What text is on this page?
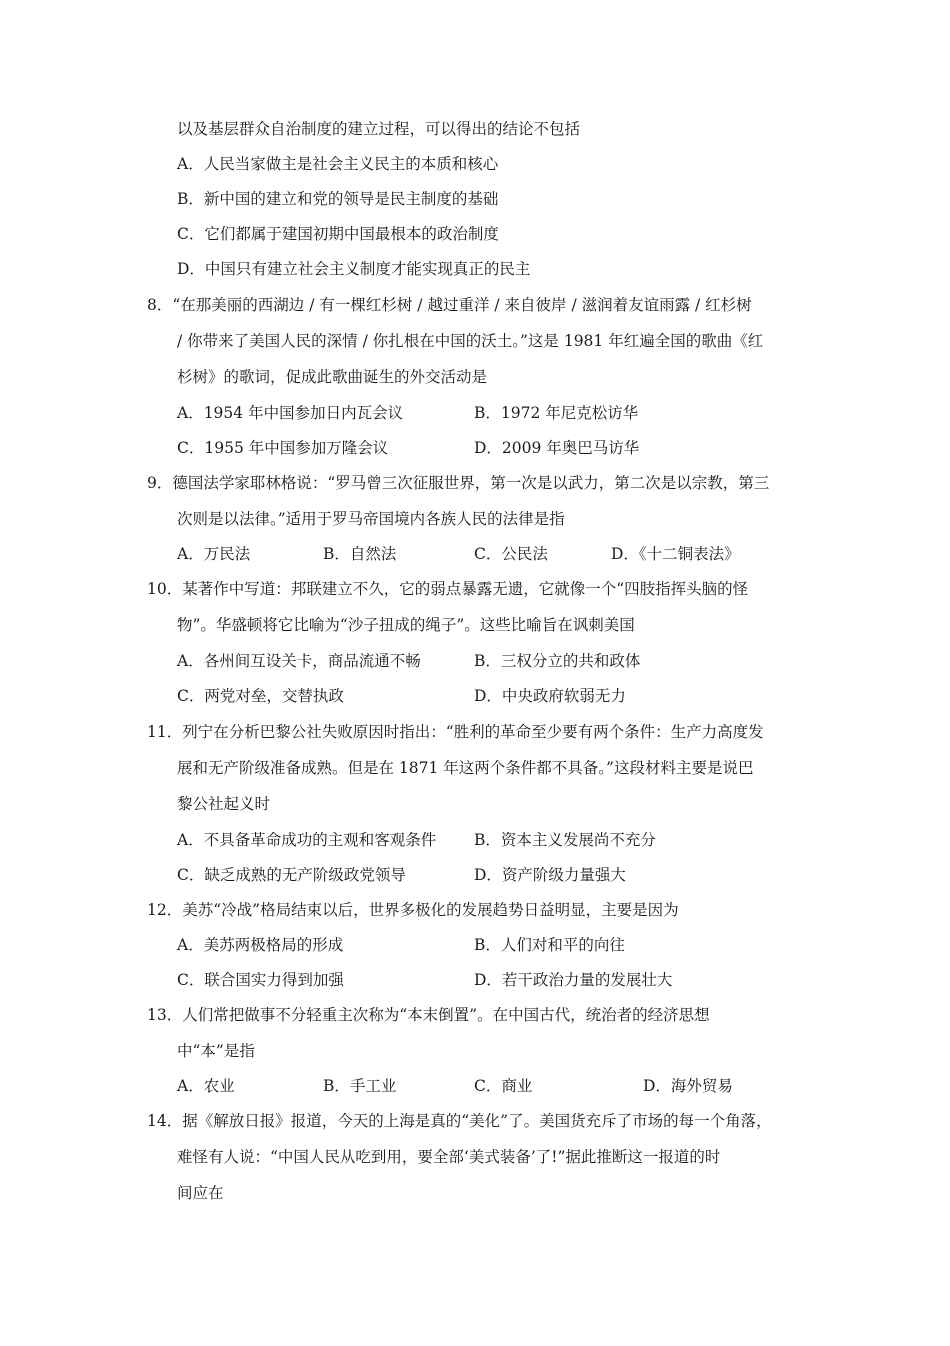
以及基层群众自治制度的建立过程，可以得出的结论不包括
A．人民当家做主是社会主义民主的本质和核心
B．新中国的建立和党的领导是民主制度的基础
C．它们都属于建国初期中国最根本的政治制度
D．中国只有建立社会主义制度才能实现真正的民主
8．“在那美丽的西湖边 / 有一棵红杉树 / 越过重洋 / 来自彼岸 / 滋润着友谊雨露 / 红杉树
/ 你带来了美国人民的深情 / 你扎根在中国的沃土。”这是 1981 年红遍全国的歌曲《红
杉树》的歌词，促成此歌曲诞生的外交活动是
A．1954 年中国参加日内瓦会议	B．1972 年尼克松访华
C．1955 年中国参加万隆会议	D．2009 年奥巴马访华
9．德国法学家耶林格说：“罗马曾三次征服世界，第一次是以武力，第二次是以宗教，第三
次则是以法律。”适用于罗马帝国境内各族人民的法律是指
A．万民法	B．自然法	C．公民法	D．《十二铜表法》
10．某著作中写道：邦联建立不久，它的弱点暴露无遗，它就像一个“四肢指挥头脑的怪
物”。华盛顿将它比喻为“沙子扭成的绳子”。这些比喻旨在讽刺美国
A．各州间互设关卡，商品流通不畅	B．三权分立的共和政体
C．两党对垒，交替执政	D．中央政府软弱无力
11．列宁在分析巴黎公社失败原因时指出：“胜利的革命至少要有两个条件：生产力高度发
展和无产阶级准备成熟。但是在 1871 年这两个条件都不具备。”这段材料主要是说巴
黎公社起义时
A．不具备革命成功的主观和客观条件 B．资本主义发展尚不充分
C．缺乏成熟的无产阶级政党领导	D．资产阶级力量强大
12．美苏“冷战”格局结束以后，世界多极化的发展趋势日益明显，主要是因为
A．美苏两极格局的形成	B．人们对和平的向往
C．联合国实力得到加强	D．若干政治力量的发展壮大
13．人们常把做事不分轻重主次称为“本末倒置”。在中国古代，统治者的经济思想
中“本”是指
A．农业	B．手工业	C．商业	D．海外贸易
14．据《解放日报》报道，今天的上海是真的“美化”了。美国货充斥了市场的每一个角落，
难怪有人说：“中国人民从吃到用，要全部‘美式装备’了!”据此推断这一报道的时
间应在
